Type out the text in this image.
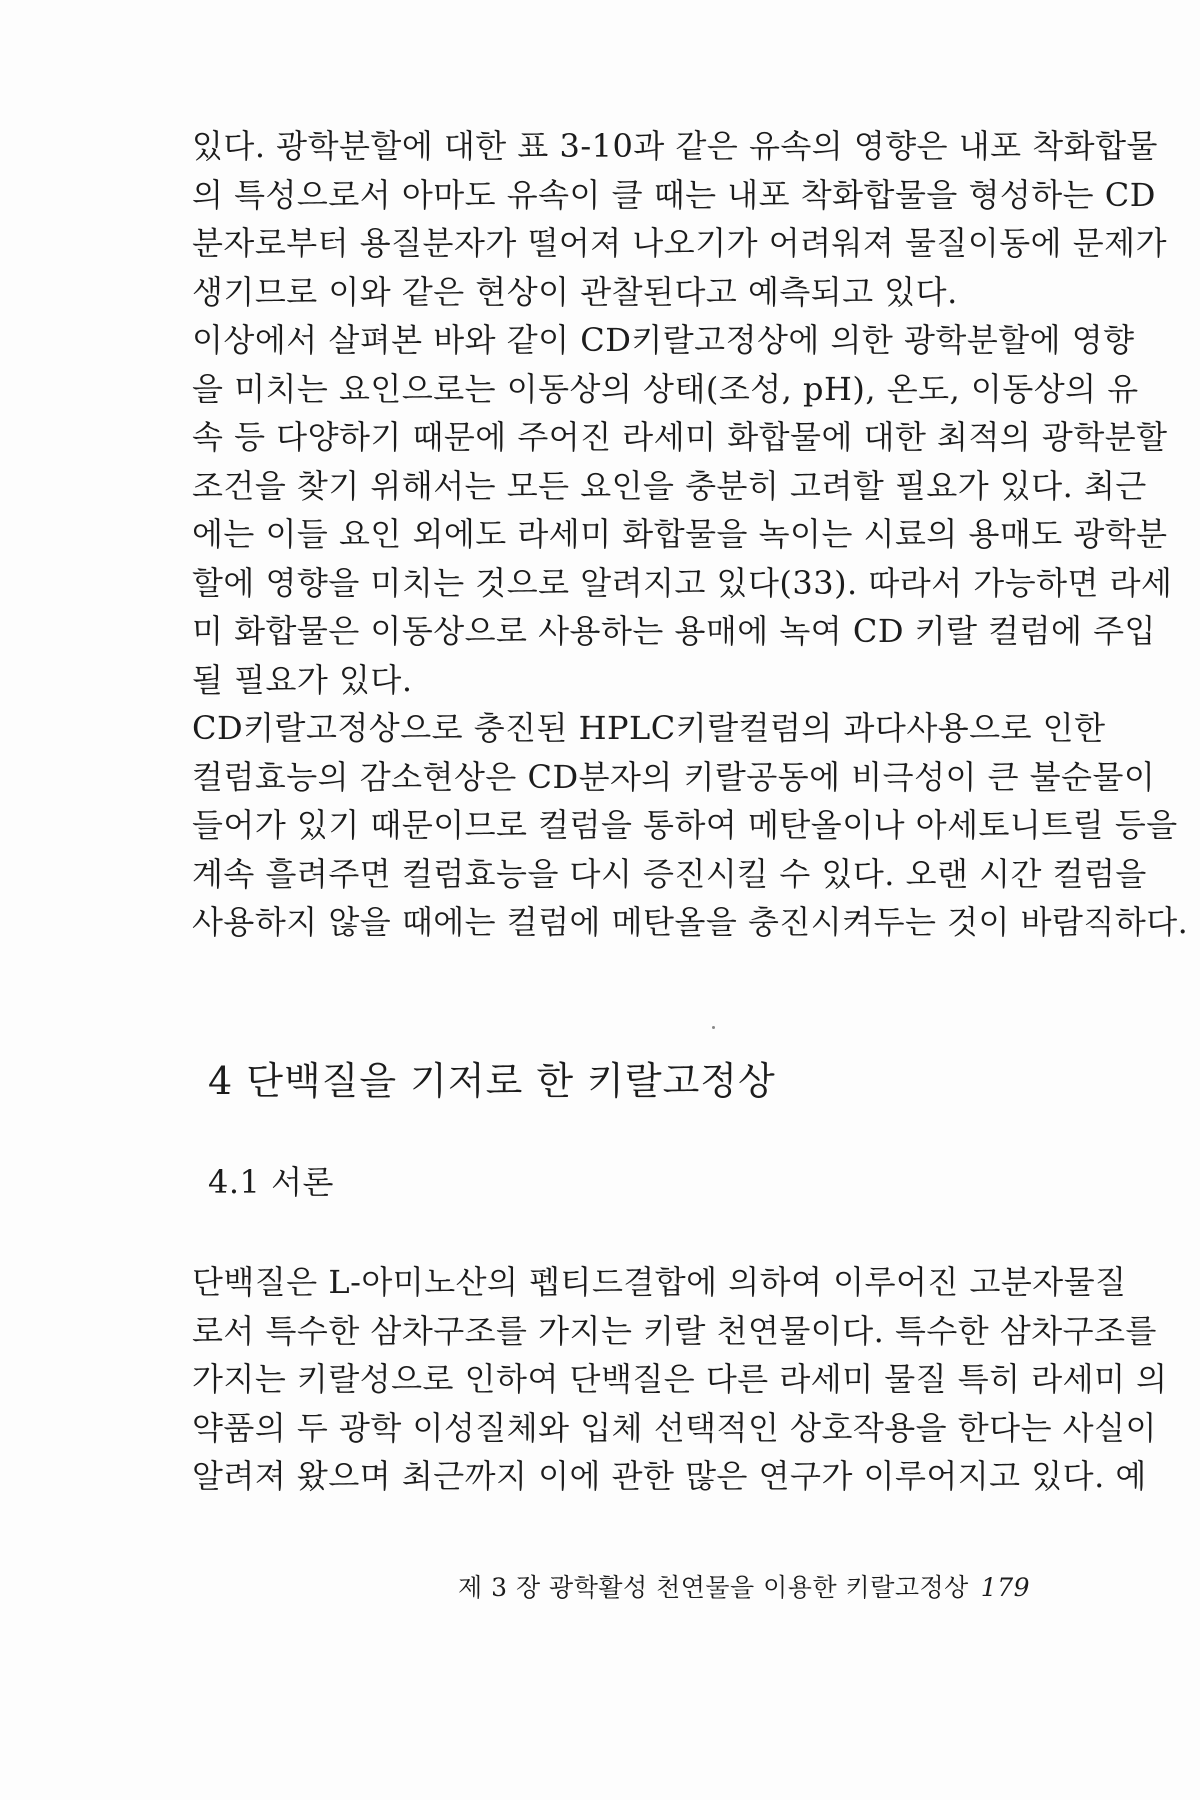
있다. 광학분할에 대한 표 3-10과 같은 유속의 영향은 내포 착화합물
의 특성으로서 아마도 유속이 클 때는 내포 착화합물을 형성하는 CD
분자로부터 용질분자가 떨어져 나오기가 어려워져 물질이동에 문제가
생기므로 이와 같은 현상이 관찰된다고 예측되고 있다.
이상에서 살펴본 바와 같이 CD키랄고정상에 의한 광학분할에 영향
을 미치는 요인으로는 이동상의 상태(조성, pH), 온도, 이동상의 유
속 등 다양하기 때문에 주어진 라세미 화합물에 대한 최적의 광학분할
조건을 찾기 위해서는 모든 요인을 충분히 고려할 필요가 있다. 최근
에는 이들 요인 외에도 라세미 화합물을 녹이는 시료의 용매도 광학분
할에 영향을 미치는 것으로 알려지고 있다(33). 따라서 가능하면 라세
미 화합물은 이동상으로 사용하는 용매에 녹여 CD 키랄 컬럼에 주입
될 필요가 있다.
CD키랄고정상으로 충진된 HPLC키랄컬럼의 과다사용으로 인한
컬럼효능의 감소현상은 CD분자의 키랄공동에 비극성이 큰 불순물이
들어가 있기 때문이므로 컬럼을 통하여 메탄올이나 아세토니트릴 등을
계속 흘려주면 컬럼효능을 다시 증진시킬 수 있다. 오랜 시간 컬럼을
사용하지 않을 때에는 컬럼에 메탄올을 충진시켜두는 것이 바람직하다.
4 단백질을 기저로 한 키랄고정상
4.1 서론
단백질은 L-아미노산의 펩티드결합에 의하여 이루어진 고분자물질
로서 특수한 삼차구조를 가지는 키랄 천연물이다. 특수한 삼차구조를
가지는 키랄성으로 인하여 단백질은 다른 라세미 물질 특히 라세미 의
약품의 두 광학 이성질체와 입체 선택적인 상호작용을 한다는 사실이
알려져 왔으며 최근까지 이에 관한 많은 연구가 이루어지고 있다. 예
제 3 장 광학활성 천연물을 이용한 키랄고정상 179
